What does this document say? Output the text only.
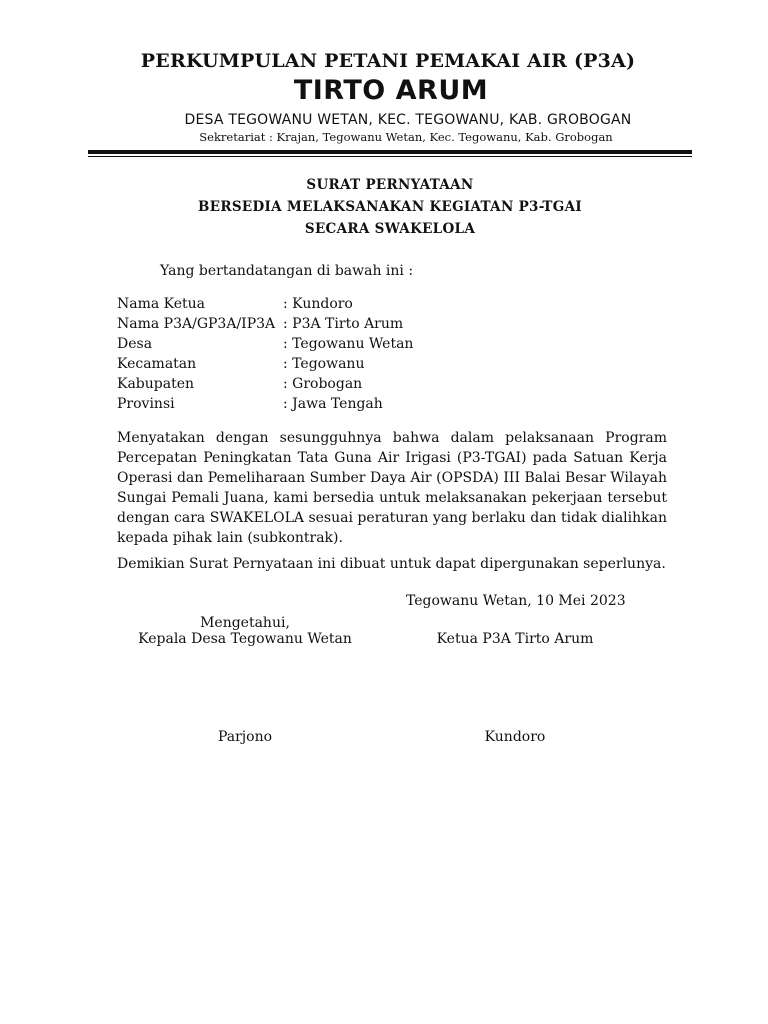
PERKUMPULAN PETANI PEMAKAI AIR (P3A)
TIRTO ARUM
DESA TEGOWANU WETAN, KEC. TEGOWANU, KAB. GROBOGAN
Sekretariat : Krajan, Tegowanu Wetan, Kec. Tegowanu, Kab. Grobogan
SURAT PERNYATAAN
BERSEDIA MELAKSANAKAN KEGIATAN P3-TGAI
SECARA SWAKELOLA
Yang bertandatangan di bawah ini :
Nama Ketua	: Kundoro
Nama P3A/GP3A/IP3A : P3A Tirto Arum
Desa	: Tegowanu Wetan
Kecamatan	: Tegowanu
Kabupaten	: Grobogan
Provinsi	: Jawa Tengah
Menyatakan dengan sesungguhnya bahwa dalam pelaksanaan Program Percepatan Peningkatan Tata Guna Air Irigasi (P3-TGAI) pada Satuan Kerja Operasi dan Pemeliharaan Sumber Daya Air (OPSDA) III Balai Besar Wilayah Sungai Pemali Juana, kami bersedia untuk melaksanakan pekerjaan tersebut dengan cara SWAKELOLA sesuai peraturan yang berlaku dan tidak dialihkan kepada pihak lain (subkontrak).
Demikian Surat Pernyataan ini dibuat untuk dapat dipergunakan seperlunya.
Tegowanu Wetan, 10 Mei 2023
Mengetahui,
Kepala Desa Tegowanu Wetan	Ketua P3A Tirto Arum
Parjono	Kundoro
